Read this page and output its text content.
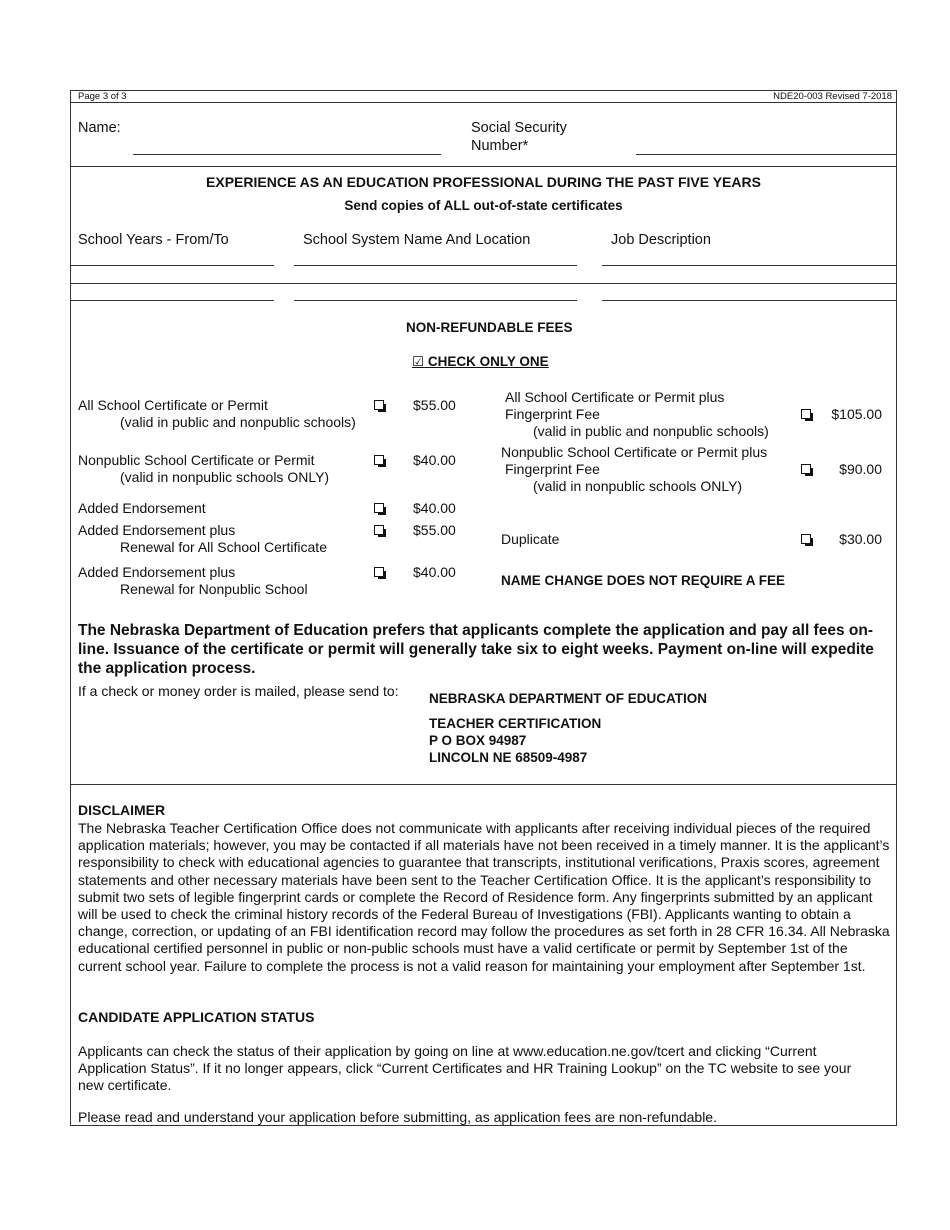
Page 3 of 3	NDE20-003 Revised 7-2018
Name:	Social Security Number*
EXPERIENCE AS AN EDUCATION PROFESSIONAL DURING THE PAST FIVE YEARS
Send copies of ALL out-of-state certificates
School Years - From/To	School System Name And Location	Job Description
NON-REFUNDABLE FEES
☑ CHECK ONLY ONE
All School Certificate or Permit
(valid in public and nonpublic schools)
$55.00
Nonpublic School Certificate or Permit
(valid in nonpublic schools ONLY)
$40.00
Added Endorsement	$40.00
Added Endorsement plus
Renewal for All School Certificate
$55.00
Added Endorsement plus
Renewal for Nonpublic School
$40.00
All School Certificate or Permit plus
Fingerprint Fee
(valid in public and nonpublic schools)
$105.00
Nonpublic School Certificate or Permit plus
Fingerprint Fee
(valid in nonpublic schools ONLY)
$90.00
Duplicate	$30.00
NAME CHANGE DOES NOT REQUIRE A FEE
The Nebraska Department of Education prefers that applicants complete the application and pay all fees on-line. Issuance of the certificate or permit will generally take six to eight weeks. Payment on-line will expedite the application process.
If a check or money order is mailed, please send to:	NEBRASKA DEPARTMENT OF EDUCATION
TEACHER CERTIFICATION
P O BOX 94987
LINCOLN NE 68509-4987
DISCLAIMER
The Nebraska Teacher Certification Office does not communicate with applicants after receiving individual pieces of the required application materials; however, you may be contacted if all materials have not been received in a timely manner. It is the applicant’s responsibility to check with educational agencies to guarantee that transcripts, institutional verifications, Praxis scores, agreement statements and other necessary materials have been sent to the Teacher Certification Office. It is the applicant’s responsibility to submit two sets of legible fingerprint cards or complete the Record of Residence form. Any fingerprints submitted by an applicant will be used to check the criminal history records of the Federal Bureau of Investigations (FBI). Applicants wanting to obtain a change, correction, or updating of an FBI identification record may follow the procedures as set forth in 28 CFR 16.34. All Nebraska educational certified personnel in public or non-public schools must have a valid certificate or permit by September 1st of the current school year. Failure to complete the process is not a valid reason for maintaining your employment after September 1st.
CANDIDATE APPLICATION STATUS
Applicants can check the status of their application by going on line at www.education.ne.gov/tcert and clicking “Current Application Status”. If it no longer appears, click “Current Certificates and HR Training Lookup” on the TC website to see your new certificate.
Please read and understand your application before submitting, as application fees are non-refundable.
